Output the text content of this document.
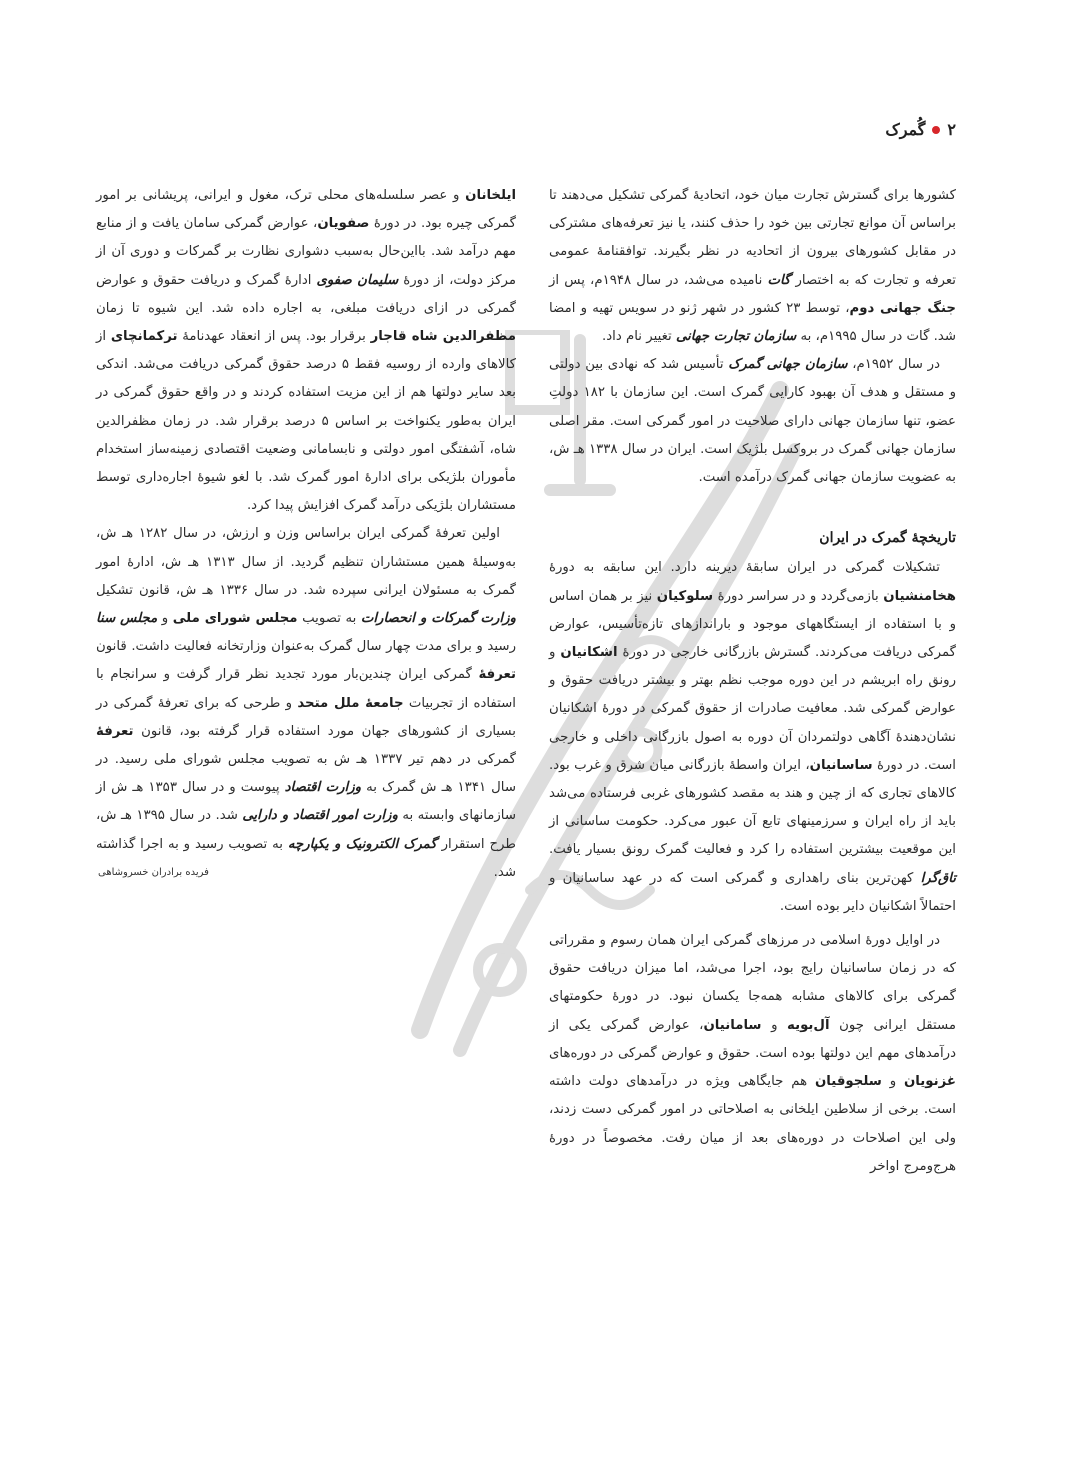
۲
گُمرک

کشورها برای گسترش تجارت میان خود، اتحادیهٔ گمرکی تشکیل می‌دهند تا براساس آن موانع تجارتی بین خود را حذف کنند، یا نیز تعرفه‌های مشترکی در مقابل کشورهای بیرون از اتحادیه در نظر بگیرند. توافقنامهٔ عمومی تعرفه و تجارت که به اختصار گات نامیده می‌شد، در سال ۱۹۴۸م، پس از جنگ جهانی دوم، توسط ۲۳ کشور در شهر ژنو در سویس تهیه و امضا شد. گات در سال ۱۹۹۵م، به سازمان تجارت جهانی تغییر نام داد.

در سال ۱۹۵۲م، سازمان جهانی گمرک تأسیس شد که نهادی بین دولتی و مستقل و هدف آن بهبود کارایی گمرک است. این سازمان با ۱۸۲ دولتِ عضو، تنها سازمان جهانی دارای صلاحیت در امور گمرکی است. مقر اصلی سازمان جهانی گمرک در بروکسل بلژیک است. ایران در سال ۱۳۳۸ هـ ش، به عضویت سازمان جهانی گمرک درآمده است.

تاریخچهٔ گمرک در ایران

تشکیلات گمرکی در ایران سابقهٔ دیرینه دارد. این سابقه به دورهٔ هخامنشیان بازمی‌گردد و در سراسر دورهٔ سلوکیان نیز بر همان اساس و با استفاده از ایستگاههای موجود و باراندازهای تازه‌تأسیس، عوارض گمرکی دریافت می‌کردند. گسترش بازرگانی خارجی در دورهٔ اشکانیان و رونق راه ابریشم در این دوره موجب نظم بهتر و بیشتر دریافت حقوق و عوارض گمرکی شد. معافیت صادرات از حقوق گمرکی در دورهٔ اشکانیان نشان‌دهندهٔ آگاهی دولتمردان آن دوره به اصول بازرگانی داخلی و خارجی است. در دورهٔ ساسانیان، ایران واسطهٔ بازرگانی میان شرق و غرب بود. کالاهای تجاری که از چین و هند به مقصد کشورهای غربی فرستاده می‌شد باید از راه ایران و سرزمینهای تابع آن عبور می‌کرد. حکومت ساسانی از این موقعیت بیشترین استفاده را کرد و فعالیت گمرک رونق بسیار یافت. تاق‌گرا کهن‌ترین بنای راهداری و گمرکی است که در عهد ساسانیان و احتمالاً اشکانیان دایر بوده است.

در اوایل دورهٔ اسلامی در مرزهای گمرکی ایران همان رسوم و مقرراتی که در زمان ساسانیان رایج بود، اجرا می‌شد، اما میزان دریافت حقوق گمرکی برای کالاهای مشابه همه‌جا یکسان نبود. در دورهٔ حکومتهای مستقل ایرانی چون آل‌بویه و سامانیان، عوارض گمرکی یکی از درآمدهای مهم این دولتها بوده است. حقوق و عوارض گمرکی در دوره‌های غزنویان و سلجوقیان هم جایگاهی ویژه در درآمدهای دولت داشته است. برخی از سلاطین ایلخانی به اصلاحاتی در امور گمرکی دست زدند، ولی این اصلاحات در دوره‌های بعد از میان رفت. مخصوصاً در دورهٔ هرج‌ومرج اواخر

ایلخانان و عصر سلسله‌های محلی ترک، مغول و ایرانی، پریشانی بر امور گمرکی چیره بود. در دورهٔ صفویان، عوارض گمرکی سامان یافت و از منابع مهم درآمد شد. بااین‌حال به‌سبب دشواری نظارت بر گمرکات و دوری آن از مرکز دولت، از دورهٔ سلیمان صفوی ادارهٔ گمرک و دریافت حقوق و عوارض گمرکی در ازای دریافت مبلغی، به اجاره داده شد. این شیوه تا زمان مظفرالدین شاه قاجار برقرار بود. پس از انعقاد عهدنامهٔ ترکمانچای از کالاهای وارده از روسیه فقط ۵ درصد حقوق گمرکی دریافت می‌شد. اندکی بعد سایر دولتها هم از این مزیت استفاده کردند و در واقع حقوق گمرکی در ایران به‌طور یکنواخت بر اساس ۵ درصد برقرار شد. در زمان مظفرالدین شاه، آشفتگی امور دولتی و نابسامانی وضعیت اقتصادی زمینه‌ساز استخدام مأموران بلژیکی برای ادارهٔ امور گمرک شد. با لغو شیوهٔ اجاره‌داری توسط مستشاران بلژیکی درآمد گمرک افزایش پیدا کرد.

اولین تعرفهٔ گمرکی ایران براساس وزن و ارزش، در سال ۱۲۸۲ هـ ش، به‌وسیلهٔ همین مستشاران تنظیم گردید. از سال ۱۳۱۳ هـ ش، ادارهٔ امور گمرک به مسئولان ایرانی سپرده شد. در سال ۱۳۳۶ هـ ش، قانون تشکیل وزارت گمرکات و انحصارات به تصویب مجلس شورای ملی و مجلس سنا رسید و برای مدت چهار سال گمرک به‌عنوان وزارتخانه فعالیت داشت. قانون تعرفهٔ گمرکی ایران چندین‌بار مورد تجدید نظر قرار گرفت و سرانجام با استفاده از تجربیات جامعهٔ ملل متحد و طرحی که برای تعرفهٔ گمرکی در بسیاری از کشورهای جهان مورد استفاده قرار گرفته بود، قانون تعرفهٔ گمرکی در دهم تیر ۱۳۳۷ هـ ش به تصویب مجلس شورای ملی رسید. در سال ۱۳۴۱ هـ ش گمرک به وزارت اقتصاد پیوست و در سال ۱۳۵۳ هـ ش از سازمانهای وابسته به وزارت امور اقتصاد و دارایی شد. در سال ۱۳۹۵ هـ ش، طرح استقرار گمرک الکترونیک و یکپارچه به تصویب رسید و به اجرا گذاشته شد.

فریده برادران خسروشاهی
